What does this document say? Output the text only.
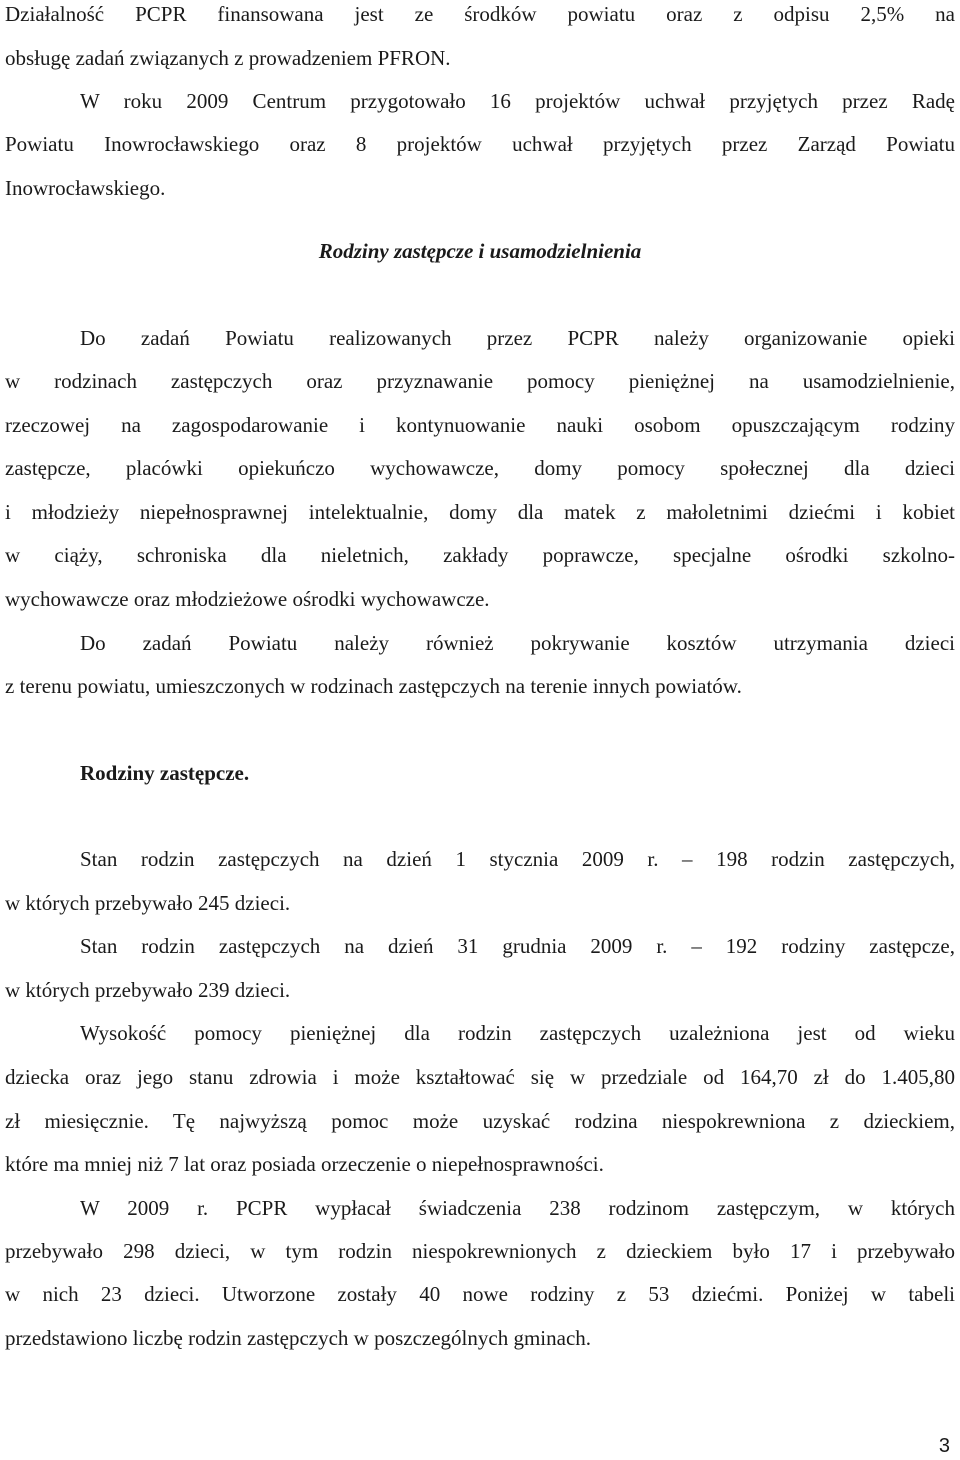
Działalność PCPR finansowana jest ze środków powiatu oraz z odpisu 2,5% na
obsługę zadań związanych z prowadzeniem PFRON.
W roku 2009 Centrum przygotowało 16 projektów uchwał przyjętych przez Radę
Powiatu Inowrocławskiego oraz 8 projektów uchwał przyjętych przez Zarząd Powiatu
Inowrocławskiego.
Rodziny zastępcze i usamodzielnienia
Do zadań Powiatu realizowanych przez PCPR należy organizowanie opieki
w rodzinach zastępczych oraz przyznawanie pomocy pieniężnej na usamodzielnienie,
rzeczowej na zagospodarowanie i kontynuowanie nauki osobom opuszczającym rodziny
zastępcze, placówki opiekuńczo wychowawcze, domy pomocy społecznej dla dzieci
i młodzieży niepełnosprawnej intelektualnie, domy dla matek z małoletnimi dziećmi i kobiet
w ciąży, schroniska dla nieletnich, zakłady poprawcze, specjalne ośrodki szkolno-
wychowawcze oraz młodzieżowe ośrodki wychowawcze.
Do zadań Powiatu należy również pokrywanie kosztów utrzymania dzieci
z terenu powiatu, umieszczonych w rodzinach zastępczych na terenie innych powiatów.
Rodziny zastępcze.
Stan rodzin zastępczych na dzień 1 stycznia 2009 r. – 198 rodzin zastępczych,
w których przebywało 245 dzieci.
Stan rodzin zastępczych na dzień 31 grudnia 2009 r. – 192 rodziny zastępcze,
w których przebywało 239 dzieci.
Wysokość pomocy pieniężnej dla rodzin zastępczych uzależniona jest od wieku
dziecka oraz jego stanu zdrowia i może kształtować się w przedziale od 164,70 zł do 1.405,80
zł miesięcznie. Tę najwyższą pomoc może uzyskać rodzina niespokrewniona z dzieckiem,
które ma mniej niż 7 lat oraz posiada orzeczenie o niepełnosprawności.
W 2009 r. PCPR wypłacał świadczenia 238 rodzinom zastępczym, w których
przebywało 298 dzieci, w tym rodzin niespokrewnionych z dzieckiem było 17 i przebywało
w nich 23 dzieci. Utworzone zostały 40 nowe rodziny z 53 dziećmi. Poniżej w tabeli
przedstawiono liczbę rodzin zastępczych w poszczególnych gminach.
3
